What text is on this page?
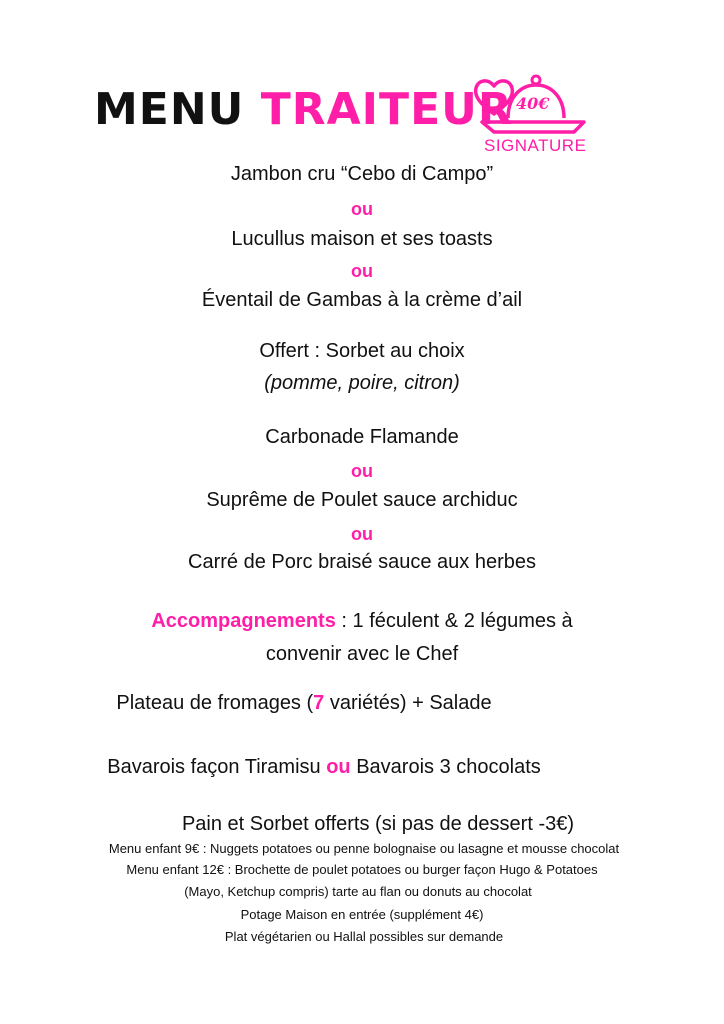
MENU TRAITEUR 40€
SIGNATURE
Jambon cru “Cebo di Campo”
ou
Lucullus maison et ses toasts
ou
Éventail de Gambas à la crème d’ail
Offert : Sorbet au choix
(pomme, poire, citron)
Carbonade Flamande
ou
Suprême de Poulet sauce archiduc
ou
Carré de Porc braisé sauce aux herbes
Accompagnements : 1 féculent & 2 légumes à
convenir avec le Chef
Plateau de fromages (7 variétés) + Salade
Bavarois façon Tiramisu ou Bavarois 3 chocolats
Pain et Sorbet offerts (si pas de dessert -3€)
Menu enfant 9€ : Nuggets potatoes ou penne bolognaise ou lasagne et mousse chocolat
Menu enfant 12€ : Brochette de poulet potatoes ou burger façon Hugo & Potatoes
(Mayo, Ketchup compris) tarte au flan ou donuts au chocolat
Potage Maison en entrée (supplément 4€)
Plat végétarien ou Hallal possibles sur demande
